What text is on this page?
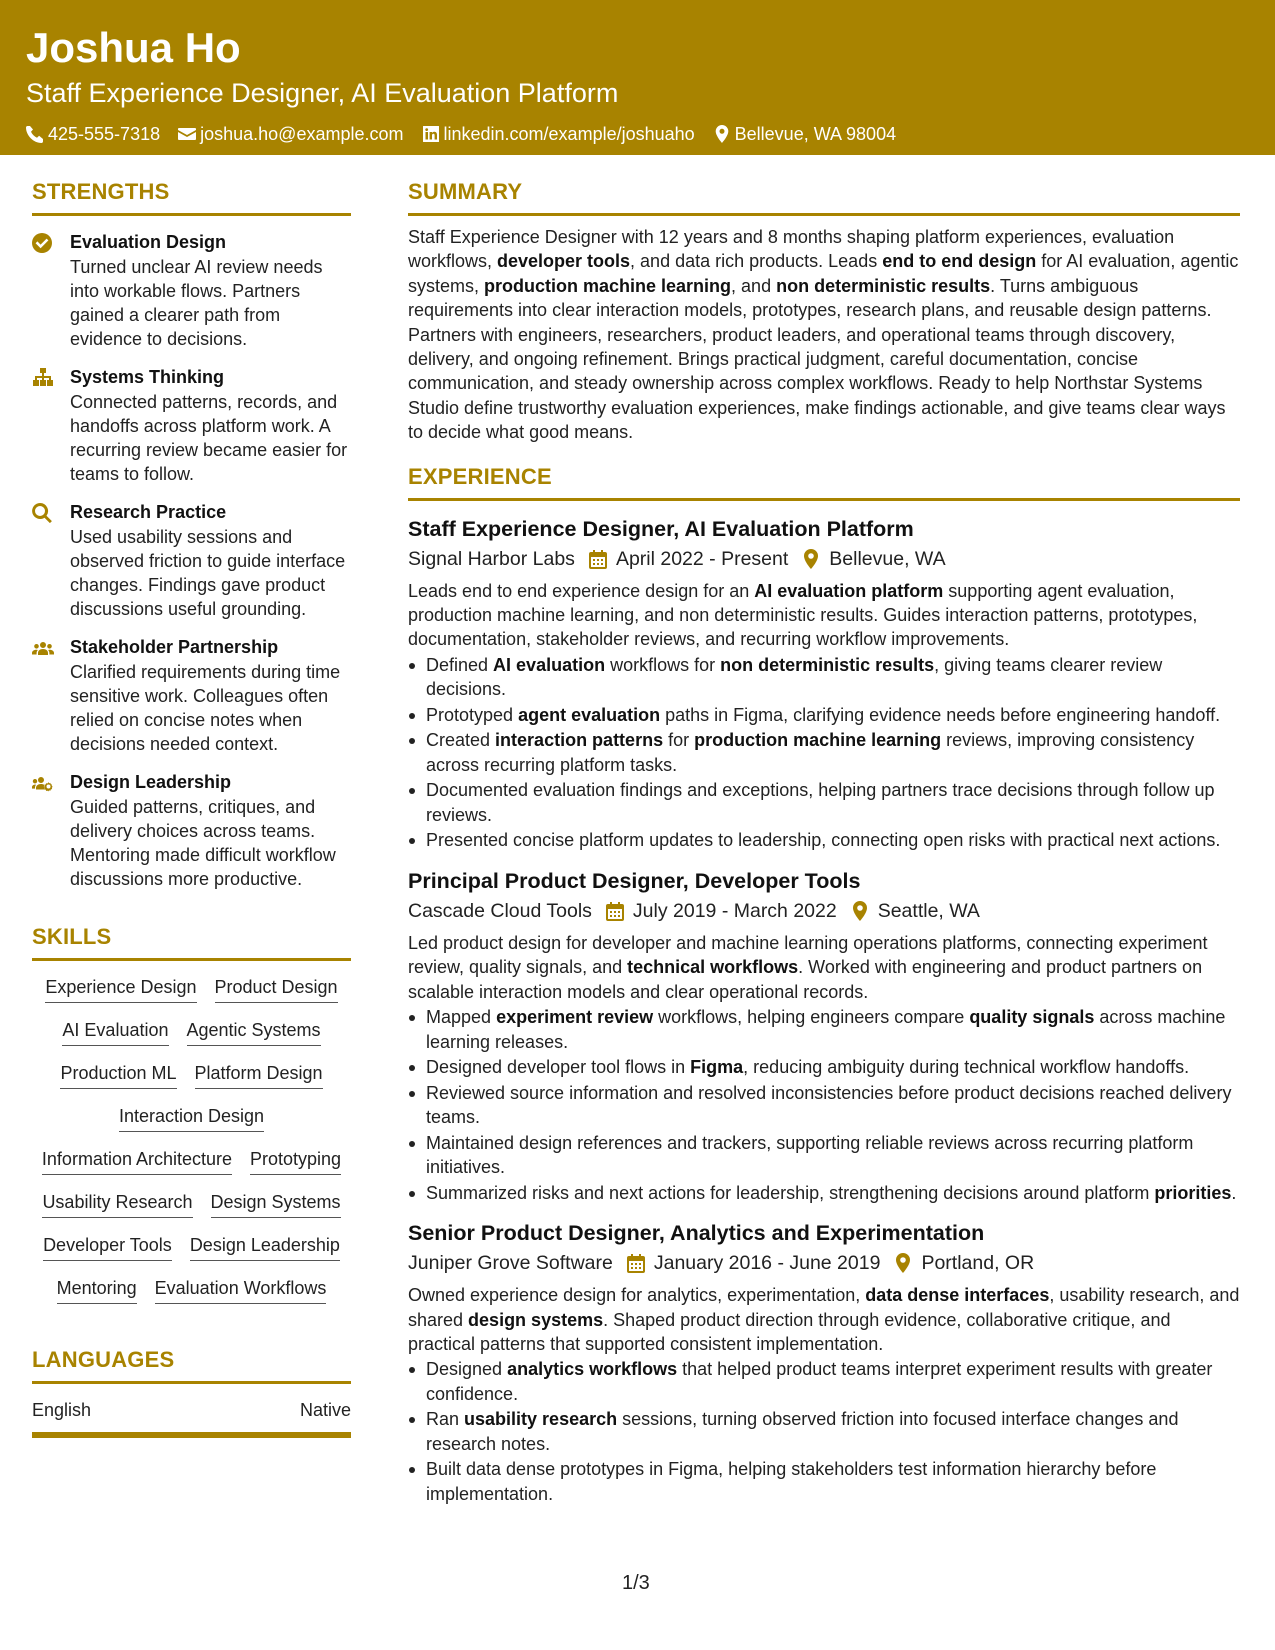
Joshua Ho
Staff Experience Designer, AI Evaluation Platform
425-555-7318 joshua.ho@example.com linkedin.com/example/joshuaho Bellevue, WA 98004
STRENGTHS
Evaluation Design
Turned unclear AI review needs into workable flows. Partners gained a clearer path from evidence to decisions.
Systems Thinking
Connected patterns, records, and handoffs across platform work. A recurring review became easier for teams to follow.
Research Practice
Used usability sessions and observed friction to guide interface changes. Findings gave product discussions useful grounding.
Stakeholder Partnership
Clarified requirements during time sensitive work. Colleagues often relied on concise notes when decisions needed context.
Design Leadership
Guided patterns, critiques, and delivery choices across teams. Mentoring made difficult workflow discussions more productive.
SKILLS
Experience Design Product Design
AI Evaluation Agentic Systems
Production ML Platform Design
Interaction Design
Information Architecture Prototyping
Usability Research Design Systems
Developer Tools Design Leadership
Mentoring Evaluation Workflows
LANGUAGES
English	Native
SUMMARY
Staff Experience Designer with 12 years and 8 months shaping platform experiences, evaluation workflows, developer tools, and data rich products. Leads end to end design for AI evaluation, agentic systems, production machine learning, and non deterministic results. Turns ambiguous requirements into clear interaction models, prototypes, research plans, and reusable design patterns. Partners with engineers, researchers, product leaders, and operational teams through discovery, delivery, and ongoing refinement. Brings practical judgment, careful documentation, concise communication, and steady ownership across complex workflows. Ready to help Northstar Systems Studio define trustworthy evaluation experiences, make findings actionable, and give teams clear ways to decide what good means.
EXPERIENCE
Staff Experience Designer, AI Evaluation Platform
Signal Harbor Labs April 2022 - Present Bellevue, WA
Leads end to end experience design for an AI evaluation platform supporting agent evaluation, production machine learning, and non deterministic results. Guides interaction patterns, prototypes, documentation, stakeholder reviews, and recurring workflow improvements.
Defined AI evaluation workflows for non deterministic results, giving teams clearer review decisions.
Prototyped agent evaluation paths in Figma, clarifying evidence needs before engineering handoff.
Created interaction patterns for production machine learning reviews, improving consistency across recurring platform tasks.
Documented evaluation findings and exceptions, helping partners trace decisions through follow up reviews.
Presented concise platform updates to leadership, connecting open risks with practical next actions.
Principal Product Designer, Developer Tools
Cascade Cloud Tools July 2019 - March 2022 Seattle, WA
Led product design for developer and machine learning operations platforms, connecting experiment review, quality signals, and technical workflows. Worked with engineering and product partners on scalable interaction models and clear operational records.
Mapped experiment review workflows, helping engineers compare quality signals across machine learning releases.
Designed developer tool flows in Figma, reducing ambiguity during technical workflow handoffs.
Reviewed source information and resolved inconsistencies before product decisions reached delivery teams.
Maintained design references and trackers, supporting reliable reviews across recurring platform initiatives.
Summarized risks and next actions for leadership, strengthening decisions around platform priorities.
Senior Product Designer, Analytics and Experimentation
Juniper Grove Software January 2016 - June 2019 Portland, OR
Owned experience design for analytics, experimentation, data dense interfaces, usability research, and shared design systems. Shaped product direction through evidence, collaborative critique, and practical patterns that supported consistent implementation.
Designed analytics workflows that helped product teams interpret experiment results with greater confidence.
Ran usability research sessions, turning observed friction into focused interface changes and research notes.
Built data dense prototypes in Figma, helping stakeholders test information hierarchy before implementation.
1/3
